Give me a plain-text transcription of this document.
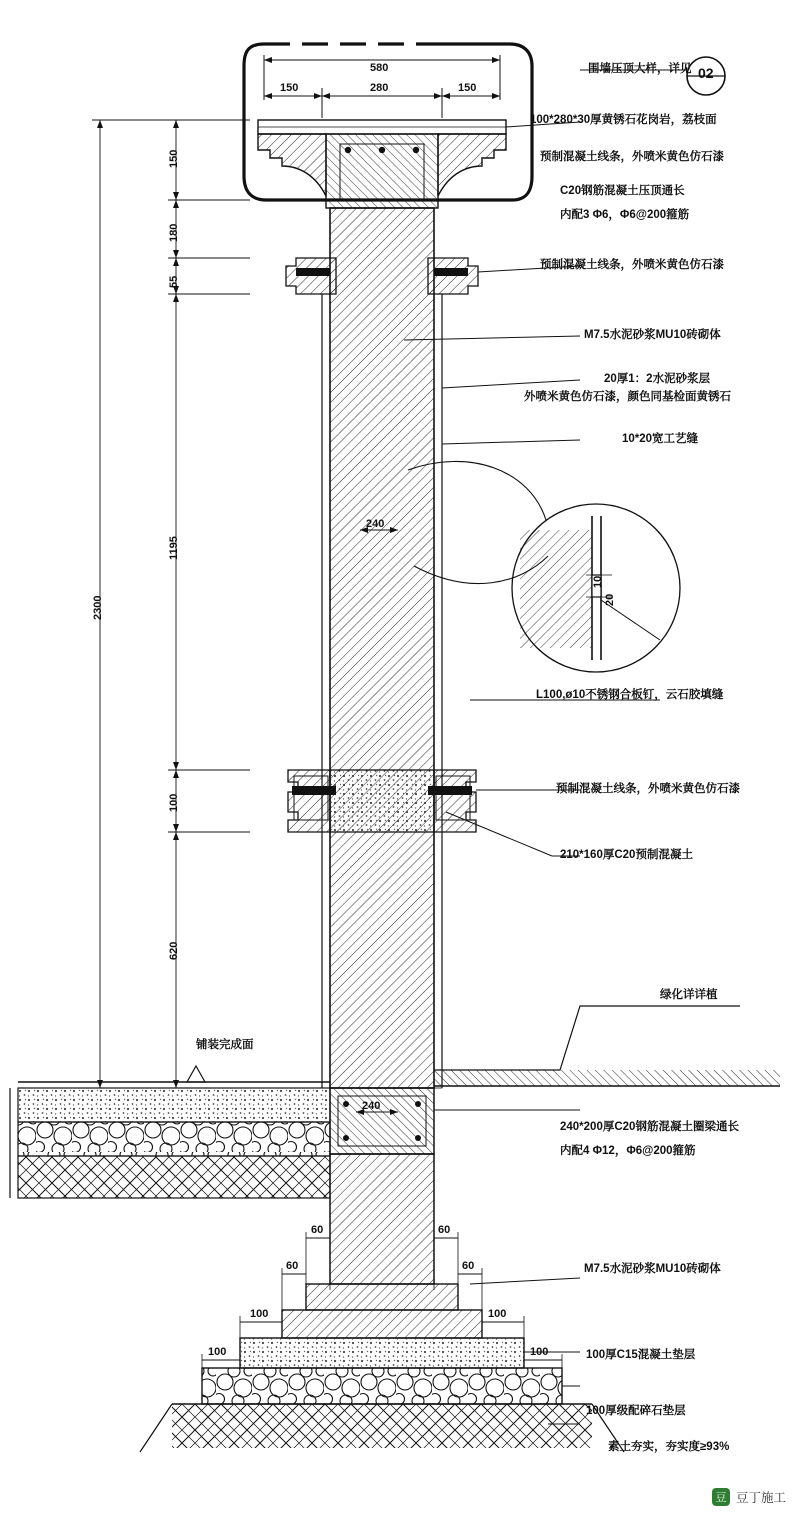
580
150	280	150
150
180
55
1195
100
620
2300
240
240
10
20
60	60
60	60
100	100
100	100
围墙压顶大样，详见
100*280*30厚黄锈石花岗岩，荔枝面
预制混凝土线条，外喷米黄色仿石漆
C20钢筋混凝土压顶通长
内配3 Φ6，Φ6@200箍筋
预制混凝土线条，外喷米黄色仿石漆
M7.5水泥砂浆MU10砖砌体
20厚1：2水泥砂浆层
外喷米黄色仿石漆，颜色同基检面黄锈石
10*20宽工艺缝
L100,ø10不锈钢合板钉，云石胶填缝
预制混凝土线条，外喷米黄色仿石漆
210*160厚C20预制混凝土
绿化详详植
240*200厚C20钢筋混凝土圈梁通长
内配4 Φ12，Φ6@200箍筋
M7.5水泥砂浆MU10砖砌体
100厚C15混凝土垫层
100厚级配碎石垫层
素土夯实，夯实度≥93%
铺装完成面
02
豆 豆丁施工
